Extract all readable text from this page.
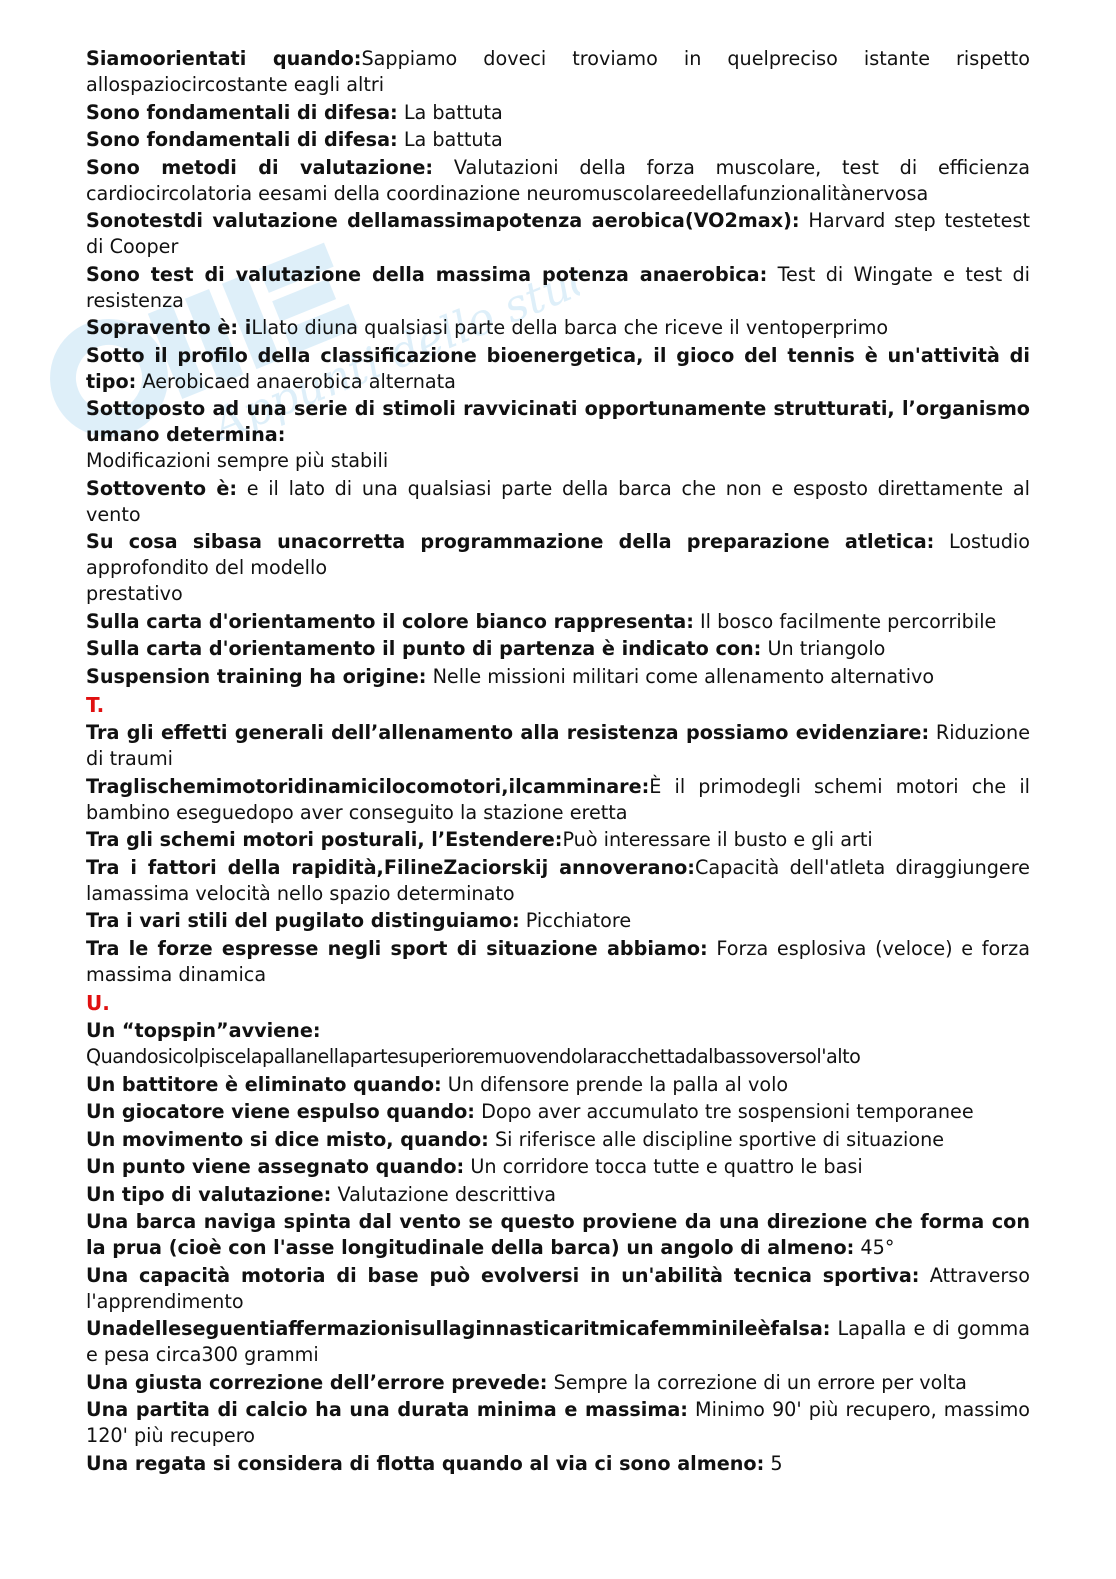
Appunti dello studente

Siamoorientati quando:Sappiamo doveci troviamo in quelpreciso istante rispetto allospaziocircostante eagli altri

Sono fondamentali di difesa: La battuta

Sono fondamentali di difesa: La battuta

Sono metodi di valutazione: Valutazioni della forza muscolare, test di efficienza cardiocircolatoria eesami della coordinazione neuromuscolareedellafunzionalitànervosa

Sonotestdi valutazione dellamassimapotenza aerobica(VO2max): Harvard step testetest di Cooper

Sono test di valutazione della massima potenza anaerobica: Test di Wingate e test di resistenza

Sopravento è: iLlato diuna qualsiasi parte della barca che riceve il ventoperprimo

Sotto il profilo della classificazione bioenergetica, il gioco del tennis è un'attività di tipo: Aerobicaed anaerobica alternata

Sottoposto ad una serie di stimoli ravvicinati opportunamente strutturati, l’organismo umano determina:
Modificazioni sempre più stabili

Sottovento è: e il lato di una qualsiasi parte della barca che non e esposto direttamente al vento

Su cosa sibasa unacorretta programmazione della preparazione atletica: Lostudio approfondito del modello
prestativo

Sulla carta d'orientamento il colore bianco rappresenta: Il bosco facilmente percorribile

Sulla carta d'orientamento il punto di partenza è indicato con: Un triangolo

Suspension training ha origine: Nelle missioni militari come allenamento alternativo

T.

Tra gli effetti generali dell’allenamento alla resistenza possiamo evidenziare: Riduzione di traumi

Traglischemimotoridinamicilocomotori,ilcamminare:È il primodegli schemi motori che il bambino eseguedopo aver conseguito la stazione eretta

Tra gli schemi motori posturali, l’Estendere:Può interessare il busto e gli arti

Tra i fattori della rapidità,FilineZaciorskij annoverano:Capacità dell'atleta diraggiungere lamassima velocità nello spazio determinato

Tra i vari stili del pugilato distinguiamo: Picchiatore

Tra le forze espresse negli sport di situazione abbiamo: Forza esplosiva (veloce) e forza massima dinamica

U.

Un “topspin”avviene:
Quandosicolpiscelapallanellapartesuperioremuovendolaracchettadalbassoversol'alto

Un battitore è eliminato quando: Un difensore prende la palla al volo

Un giocatore viene espulso quando: Dopo aver accumulato tre sospensioni temporanee

Un movimento si dice misto, quando: Si riferisce alle discipline sportive di situazione

Un punto viene assegnato quando: Un corridore tocca tutte e quattro le basi

Un tipo di valutazione: Valutazione descrittiva

Una barca naviga spinta dal vento se questo proviene da una direzione che forma con la prua (cioè con l'asse longitudinale della barca) un angolo di almeno: 45°

Una capacità motoria di base può evolversi in un'abilità tecnica sportiva: Attraverso l'apprendimento

Unadelleseguentiaffermazionisullaginnasticaritmicafemminileèfalsa: Lapalla e di gomma e pesa circa300 grammi

Una giusta correzione dell’errore prevede: Sempre la correzione di un errore per volta

Una partita di calcio ha una durata minima e massima: Minimo 90' più recupero, massimo 120' più recupero

Una regata si considera di flotta quando al via ci sono almeno: 5
